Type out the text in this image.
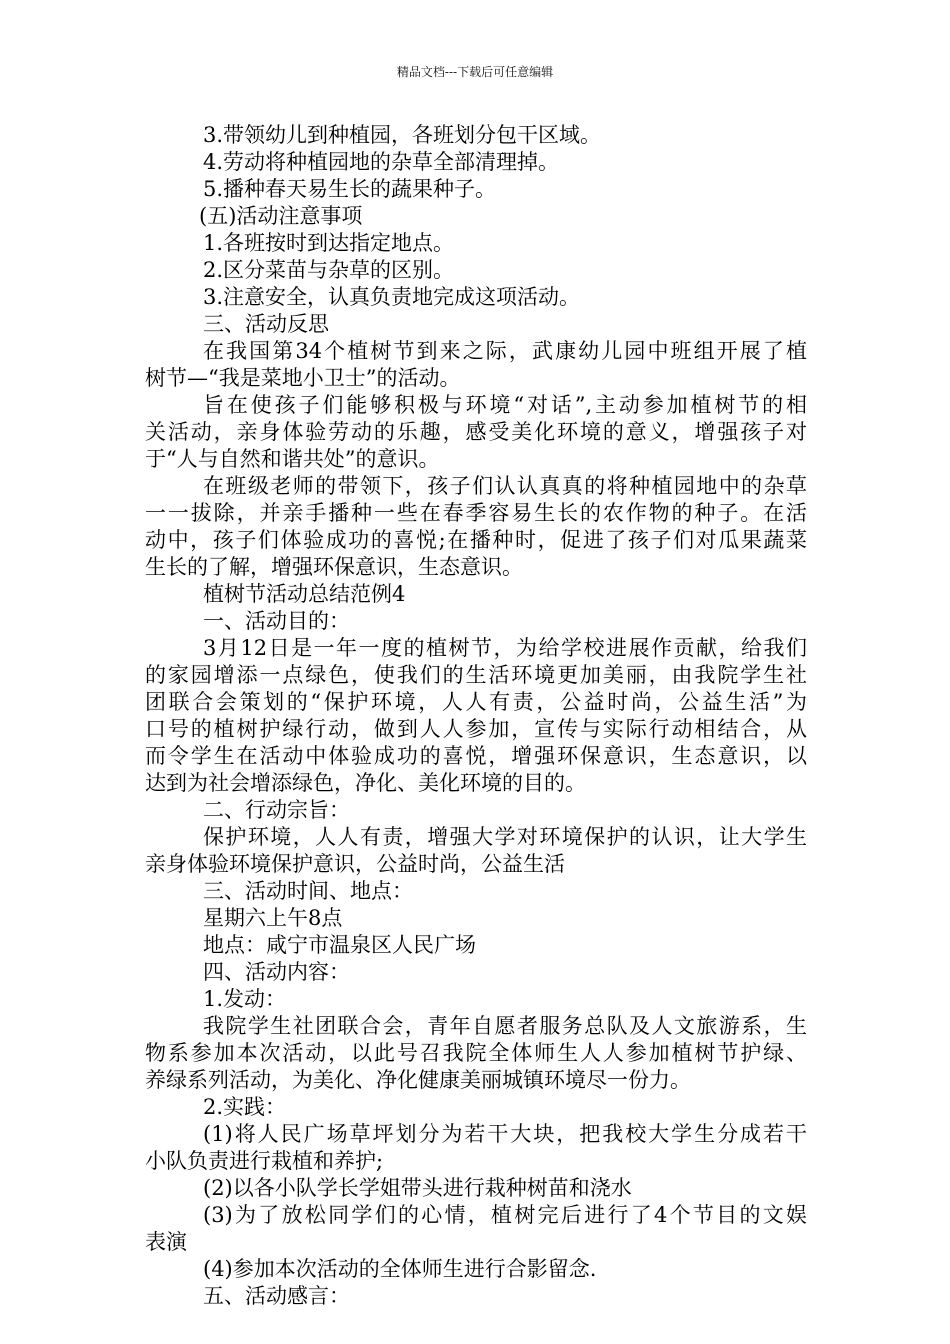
精品文档---下载后可任意编辑
3.带领幼儿到种植园，各班划分包干区域。
4.劳动将种植园地的杂草全部清理掉。
5.播种春天易生长的蔬果种子。
(五)活动注意事项
1.各班按时到达指定地点。
2.区分菜苗与杂草的区别。
3.注意安全，认真负责地完成这项活动。
三、活动反思
在我国第34个植树节到来之际，武康幼儿园中班组开展了植
树节—“我是菜地小卫士”的活动。
旨在使孩子们能够积极与环境“对话”,主动参加植树节的相
关活动，亲身体验劳动的乐趣，感受美化环境的意义，增强孩子对
于“人与自然和谐共处”的意识。
在班级老师的带领下，孩子们认认真真的将种植园地中的杂草
一一拔除，并亲手播种一些在春季容易生长的农作物的种子。在活
动中，孩子们体验成功的喜悦;在播种时，促进了孩子们对瓜果蔬菜
生长的了解，增强环保意识，生态意识。
植树节活动总结范例4
一、活动目的：
3月12日是一年一度的植树节，为给学校进展作贡献，给我们
的家园增添一点绿色，使我们的生活环境更加美丽，由我院学生社
团联合会策划的“保护环境，人人有责，公益时尚，公益生活”为
口号的植树护绿行动，做到人人参加，宣传与实际行动相结合，从
而令学生在活动中体验成功的喜悦，增强环保意识，生态意识，以
达到为社会增添绿色，净化、美化环境的目的。
二、行动宗旨：
保护环境，人人有责，增强大学对环境保护的认识，让大学生
亲身体验环境保护意识，公益时尚，公益生活
三、活动时间、地点：
星期六上午8点
地点：咸宁市温泉区人民广场
四、活动内容：
1.发动：
我院学生社团联合会，青年自愿者服务总队及人文旅游系，生
物系参加本次活动，以此号召我院全体师生人人参加植树节护绿、
养绿系列活动，为美化、净化健康美丽城镇环境尽一份力。
2.实践：
(1)将人民广场草坪划分为若干大块，把我校大学生分成若干
小队负责进行栽植和养护;
(2)以各小队学长学姐带头进行栽种树苗和浇水
(3)为了放松同学们的心情，植树完后进行了4个节目的文娱
表演
(4)参加本次活动的全体师生进行合影留念.
五、活动感言：
